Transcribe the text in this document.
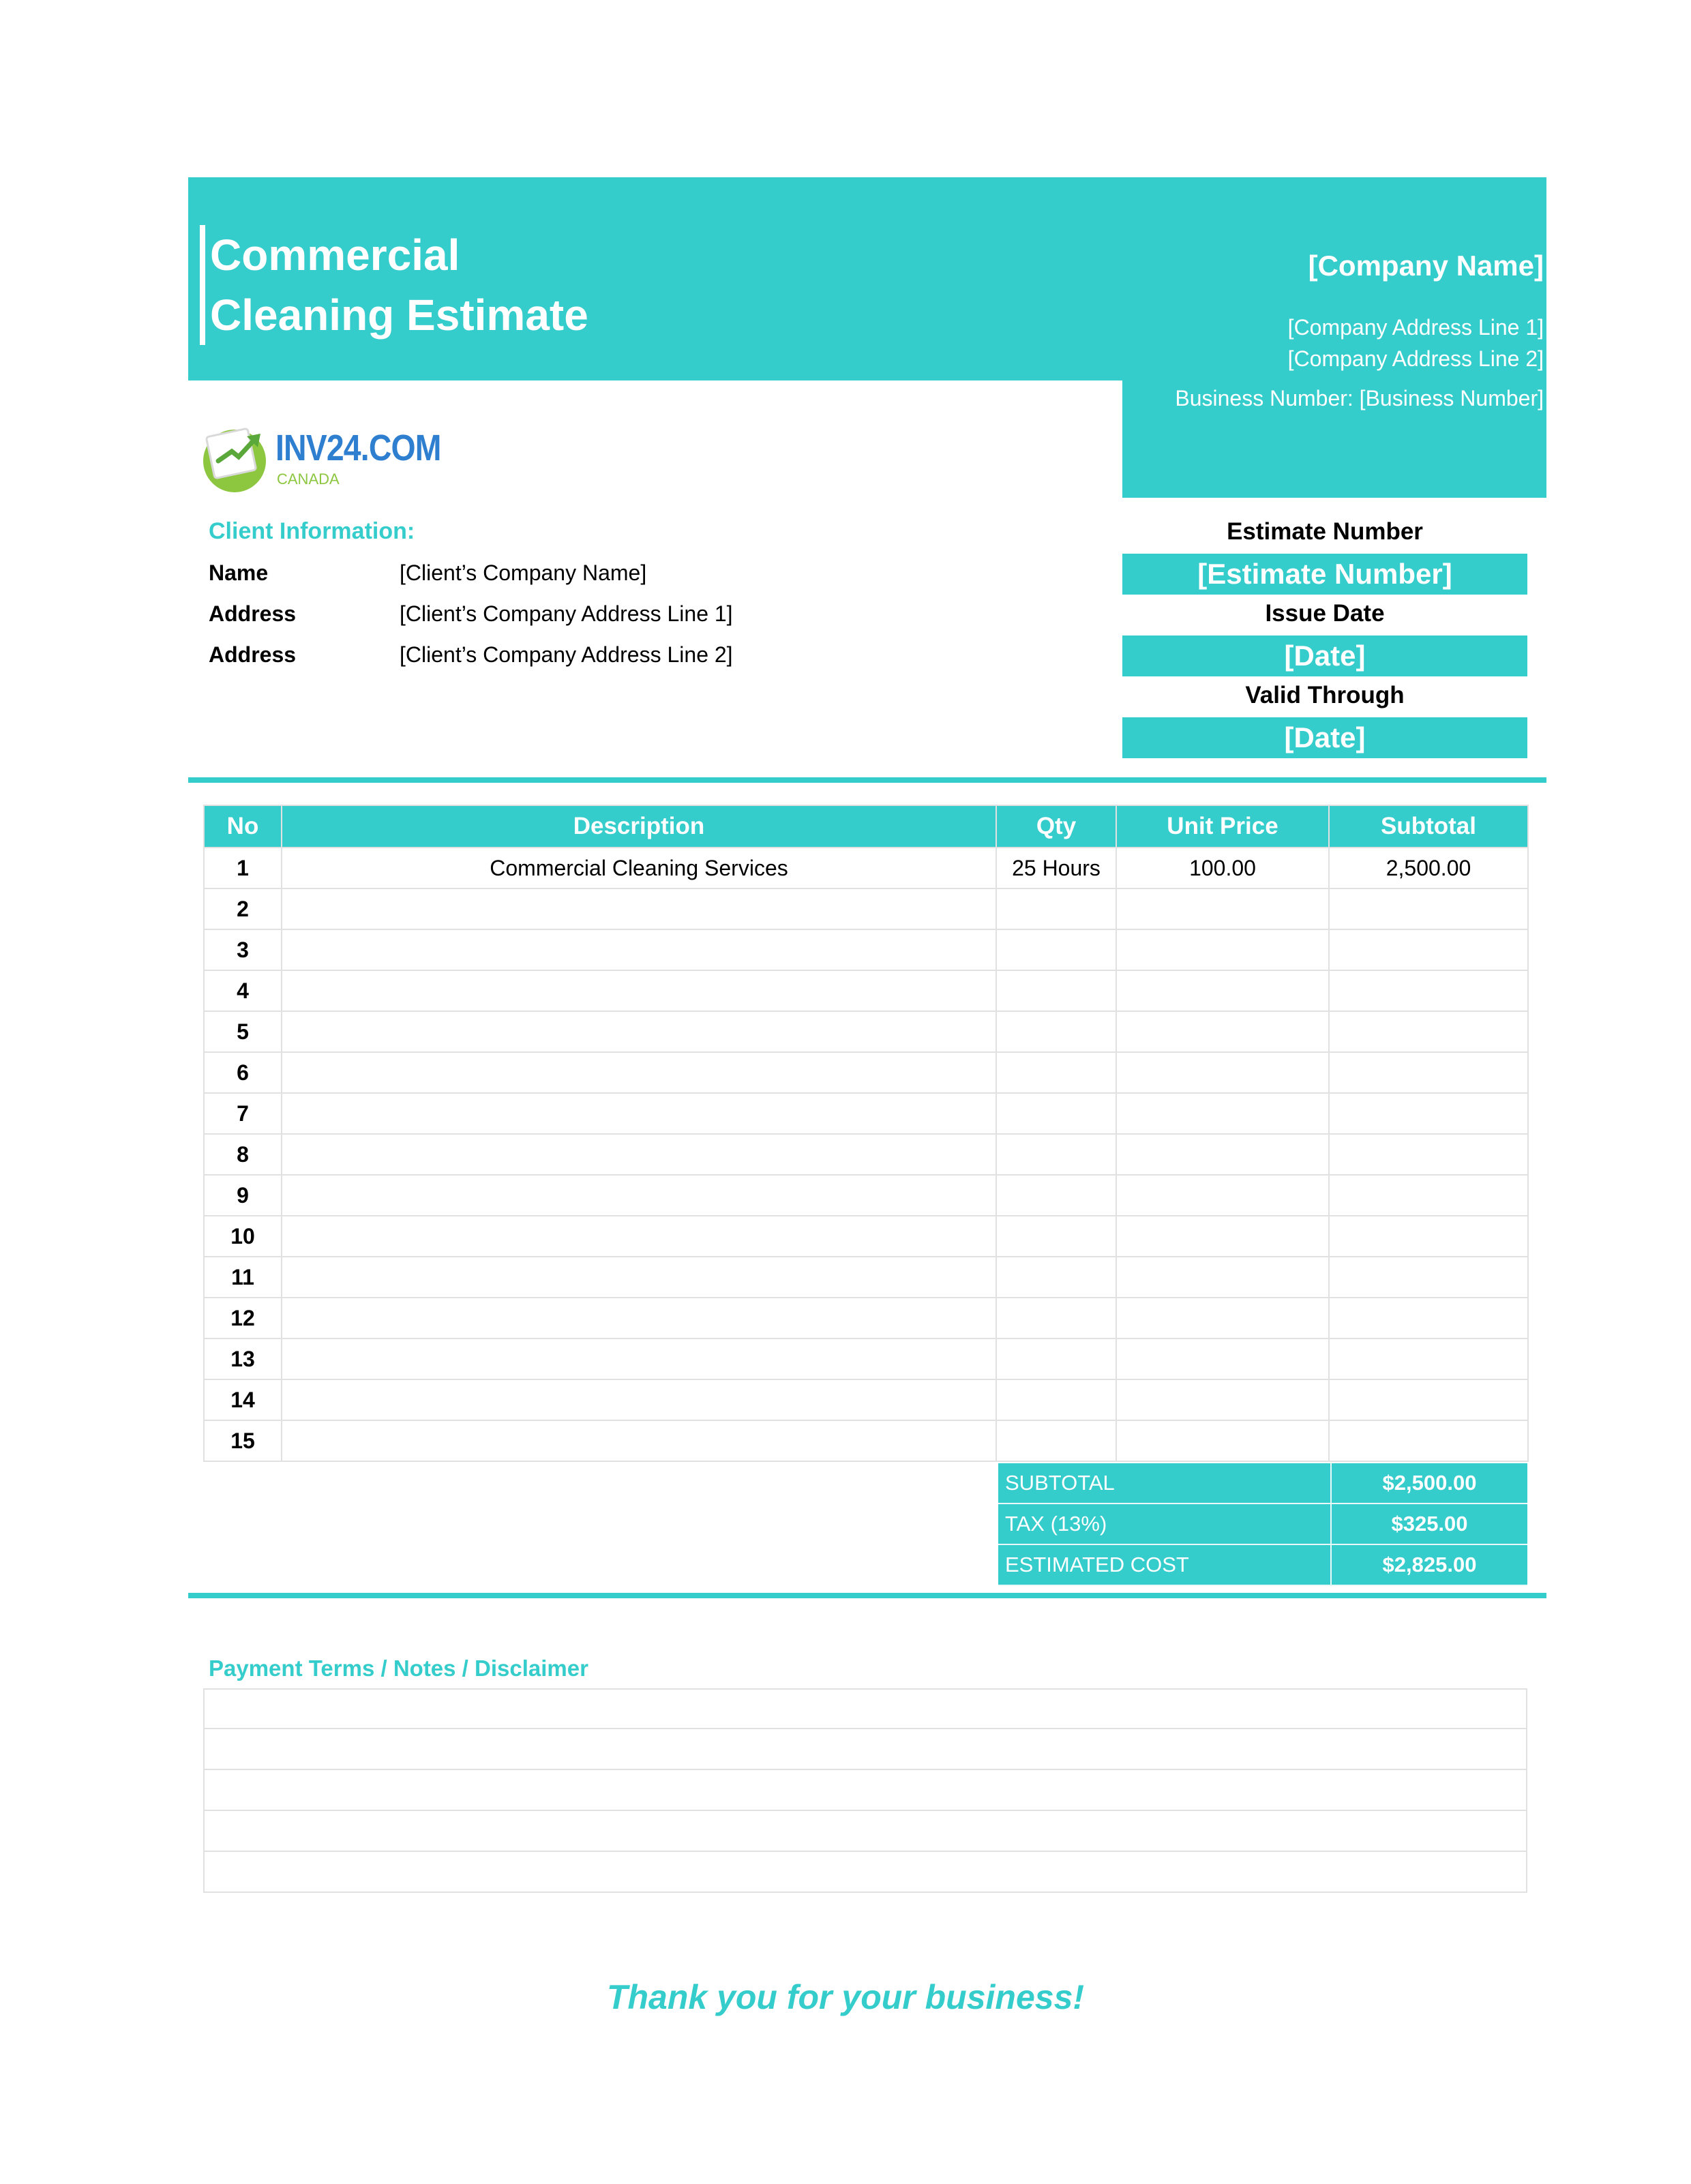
Commercial
Cleaning Estimate
[Company Name]
[Company Address Line 1]
[Company Address Line 2]
Business Number: [Business Number]
INV24.COM
CANADA
Client Information:
Name	[Client’s Company Name]
Address	[Client’s Company Address Line 1]
Address	[Client’s Company Address Line 2]
Estimate Number
[Estimate Number]
Issue Date
[Date]
Valid Through
[Date]
No	Description	Qty	Unit Price	Subtotal
1	Commercial Cleaning Services	25 Hours	100.00	2,500.00
2				
3				
4				
5				
6				
7				
8				
9				
10				
11				
12				
13				
14				
15				
SUBTOTAL	$2,500.00
TAX (13%)	$325.00
ESTIMATED COST	$2,825.00
Payment Terms / Notes / Disclaimer
Thank you for your business!
